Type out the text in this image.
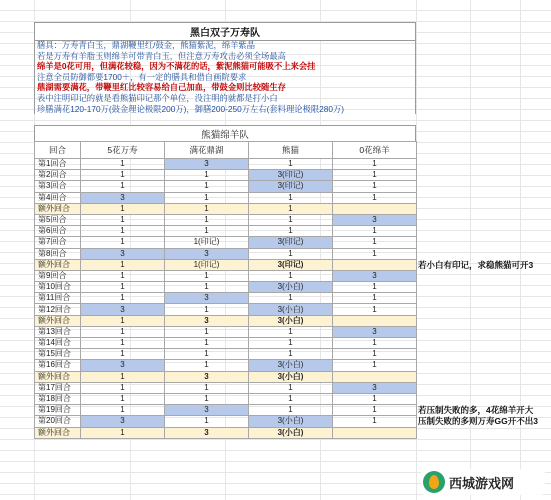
黑白双子万寿队
膳具：万寿青白玉，鼎湖鞭里红/鼓金，熊猫紫泥，绵羊紫晶
若是万寿有羊脂玉则绵羊可带青白玉，但注意万寿攻击必须全场最高
绵羊是0花可用，但满花较稳，因为不满花的话，紫泥熊猫可能吸不上来会挂
注意全员防御都要1700＋，有一定的膳具和借自画院要求
鼎湖需要满花，带鞭里红比较容易给自己加血，带鼓金则比较随生存
表中注明印记的就是看熊猫印记那个单位，没注明的就都是打小白
珍膳满花120-170万(鼓金理论极限200万)，御膳200-250万左右(套料理论极限280万)
熊猫绵羊队
回合	5花万寿	满花鼎湖	熊猫	0花绵羊
第1回合	1	3	1	1
第2回合	1	1	3(印记)	1
第3回合	1	1	3(印记)	1
第4回合	3	1	1	1
额外回合	1	1	1	
第5回合	1	1	1	3
第6回合	1	1	1	1
第7回合	1	1(印记)	3(印记)	1
第8回合	3	3	1	1
额外回合	1	1(印记)	3(印记)	
第9回合	1	1	1	3
第10回合	1	1	3(小白)	1
第11回合	1	3	1	1
第12回合	3	1	3(小白)	1
额外回合	1	3	3(小白)	
第13回合	1	1	1	3
第14回合	1	1	1	1
第15回合	1	1	1	1
第16回合	3	1	3(小白)	1
额外回合	1	3	3(小白)	
第17回合	1	1	1	3
第18回合	1	1	1	1
第19回合	1	3	1	1
第20回合	3	1	3(小白)	1
额外回合	1	3	3(小白)	
若小白有印记，求稳熊猫可开3
若压制失败的多，4花绵羊开大
压制失败的多则万寿GG开不出3
西城游戏网
